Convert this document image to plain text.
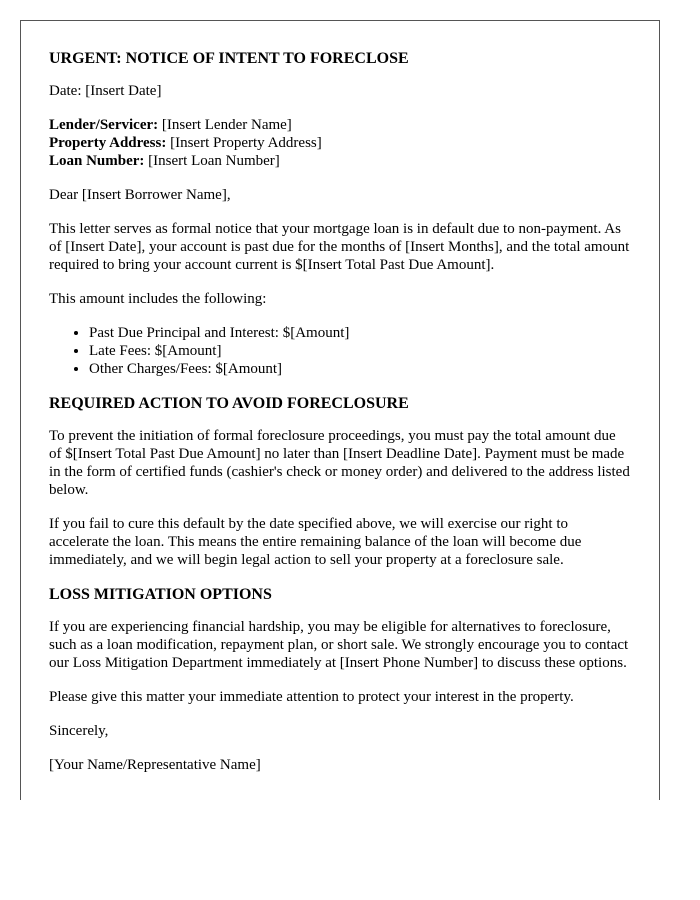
URGENT: NOTICE OF INTENT TO FORECLOSE

Date: [Insert Date]

Lender/Servicer: [Insert Lender Name]
Property Address: [Insert Property Address]
Loan Number: [Insert Loan Number]

Dear [Insert Borrower Name],

This letter serves as formal notice that your mortgage loan is in default due to non-payment. As of [Insert Date], your account is past due for the months of [Insert Months], and the total amount required to bring your account current is $[Insert Total Past Due Amount].

This amount includes the following:

• Past Due Principal and Interest: $[Amount]
• Late Fees: $[Amount]
• Other Charges/Fees: $[Amount]
REQUIRED ACTION TO AVOID FORECLOSURE

To prevent the initiation of formal foreclosure proceedings, you must pay the total amount due of $[Insert Total Past Due Amount] no later than [Insert Deadline Date]. Payment must be made in the form of certified funds (cashier's check or money order) and delivered to the address listed below.

If you fail to cure this default by the date specified above, we will exercise our right to accelerate the loan. This means the entire remaining balance of the loan will become due immediately, and we will begin legal action to sell your property at a foreclosure sale.

LOSS MITIGATION OPTIONS

If you are experiencing financial hardship, you may be eligible for alternatives to foreclosure, such as a loan modification, repayment plan, or short sale. We strongly encourage you to contact our Loss Mitigation Department immediately at [Insert Phone Number] to discuss these options.

Please give this matter your immediate attention to protect your interest in the property.

Sincerely,

[Your Name/Representative Name]
